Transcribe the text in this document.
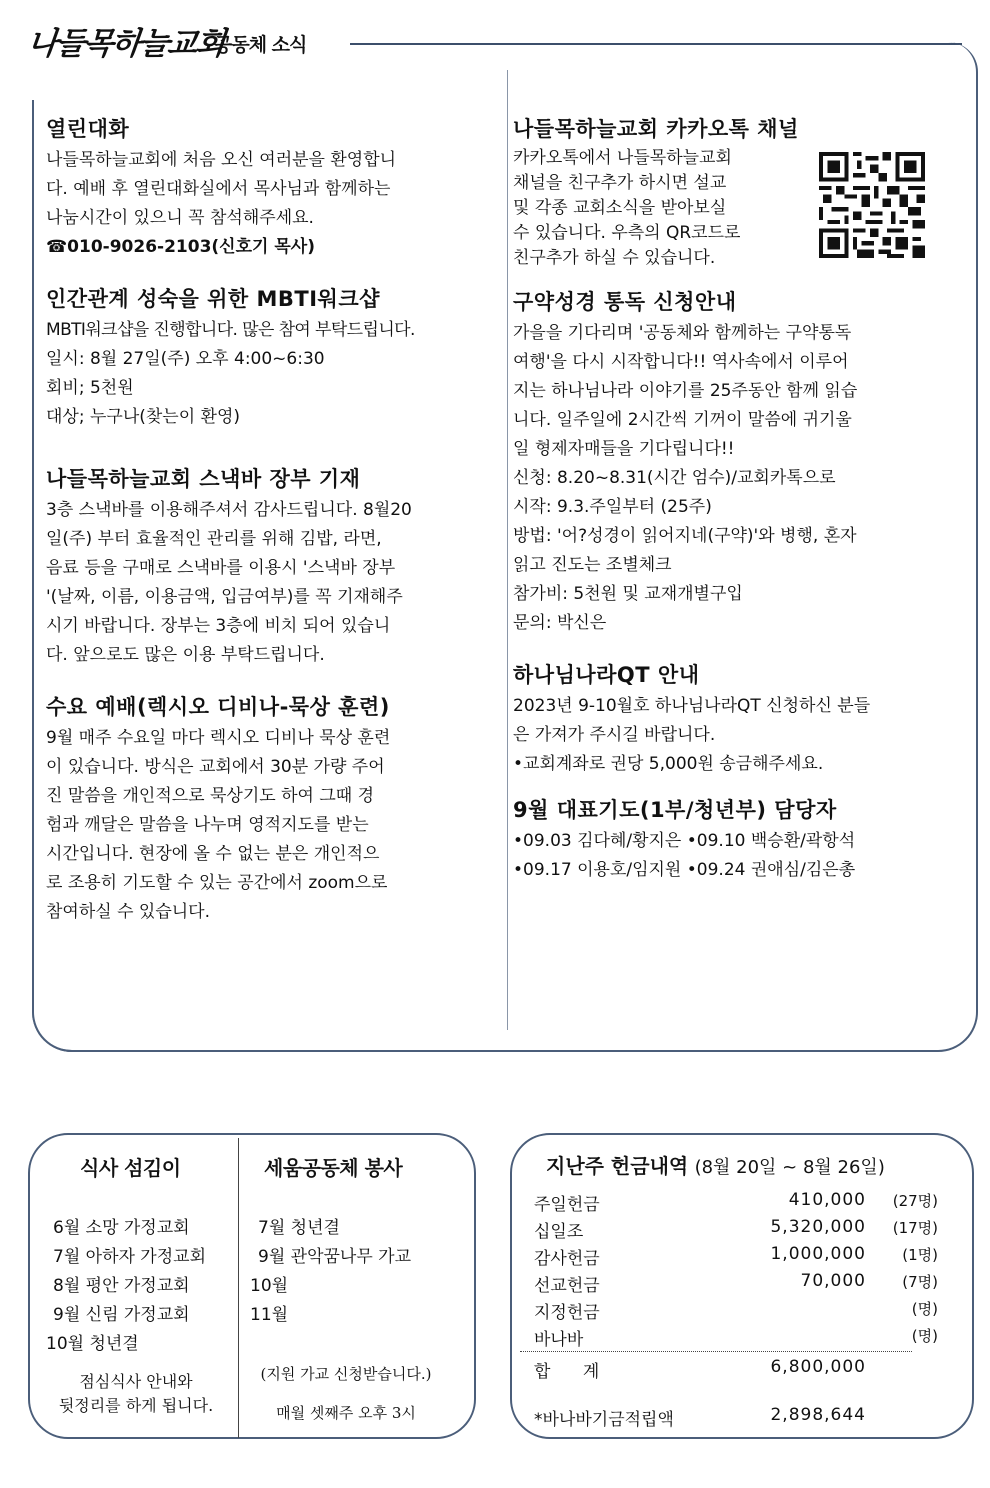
나들목하늘교회
공동체 소식
열린대화

나들목하늘교회에 처음 오신 여러분을 환영합니
다. 예배 후 열린대화실에서 목사님과 함께하는
나눔시간이 있으니 꼭 참석해주세요.
☎010-9026-2103(신호기 목사)

인간관계 성숙을 위한 MBTI워크샵

MBTI워크샵을 진행합니다. 많은 참여 부탁드립니다.
일시: 8월 27일(주) 오후 4:00~6:30
회비; 5천원
대상; 누구나(찾는이 환영)

나들목하늘교회 스낵바 장부 기재

3층 스낵바를 이용해주셔서 감사드립니다. 8월20
일(주) 부터 효율적인 관리를 위해 김밥, 라면,
음료 등을 구매로 스낵바를 이용시 '스낵바 장부
'(날짜, 이름, 이용금액, 입금여부)를 꼭 기재해주
시기 바랍니다. 장부는 3층에 비치 되어 있습니
다. 앞으로도 많은 이용 부탁드립니다.

수요 예배(렉시오 디비나-묵상 훈련)

9월 매주 수요일 마다 렉시오 디비나 묵상 훈련
이 있습니다. 방식은 교회에서 30분 가량 주어
진 말씀을 개인적으로 묵상기도 하여 그때 경
험과 깨달은 말씀을 나누며 영적지도를 받는
시간입니다. 현장에 올 수 없는 분은 개인적으
로 조용히 기도할 수 있는 공간에서 zoom으로
참여하실 수 있습니다.

나들목하늘교회 카카오톡 채널

카카오톡에서 나들목하늘교회
채널을 친구추가 하시면 설교
및 각종 교회소식을 받아보실
수 있습니다. 우측의 QR코드로
친구추가 하실 수 있습니다.

구약성경 통독 신청안내

가을을 기다리며 '공동체와 함께하는 구약통독
여행'을 다시 시작합니다!! 역사속에서 이루어
지는 하나님나라 이야기를 25주동안 함께 읽습
니다. 일주일에 2시간씩 기꺼이 말씀에 귀기울
일 형제자매들을 기다립니다!!
신청: 8.20~8.31(시간 엄수)/교회카톡으로
시작: 9.3.주일부터 (25주)
방법: '어?성경이 읽어지네(구약)'와 병행, 혼자
읽고 진도는 조별체크
참가비: 5천원 및 교재개별구입
문의: 박신은

하나님나라QT 안내

2023년 9-10월호 하나님나라QT 신청하신 분들
은 가져가 주시길 바랍니다.
•교회계좌로 권당 5,000원 송금해주세요.

9월 대표기도(1부/청년부) 담당자

•09.03 김다혜/황지은 •09.10 백승환/곽항석
•09.17 이용호/임지원 •09.24 권애심/김은총

식사 섬김이
6월 소망 가정교회
7월 아하자 가정교회
8월 평안 가정교회
9월 신림 가정교회
10월 청년결
점심식사 안내와
뒷정리를 하게 됩니다.
세움공동체 봉사
7월 청년결
9월 관악꿈나무 가교
10월
11월
(지원 가교 신청받습니다.)
매월 셋째주 오후 3시
지난주 헌금내역 (8월 20일 ~ 8월 26일)
주일헌금	410,000 (27명)
십일조	5,320,000 (17명)
감사헌금	1,000,000 (1명)
선교헌금	70,000 (7명)
지정헌금	(명)
바나바	(명)
합      계	6,800,000
*바나바기금적립액	2,898,644
